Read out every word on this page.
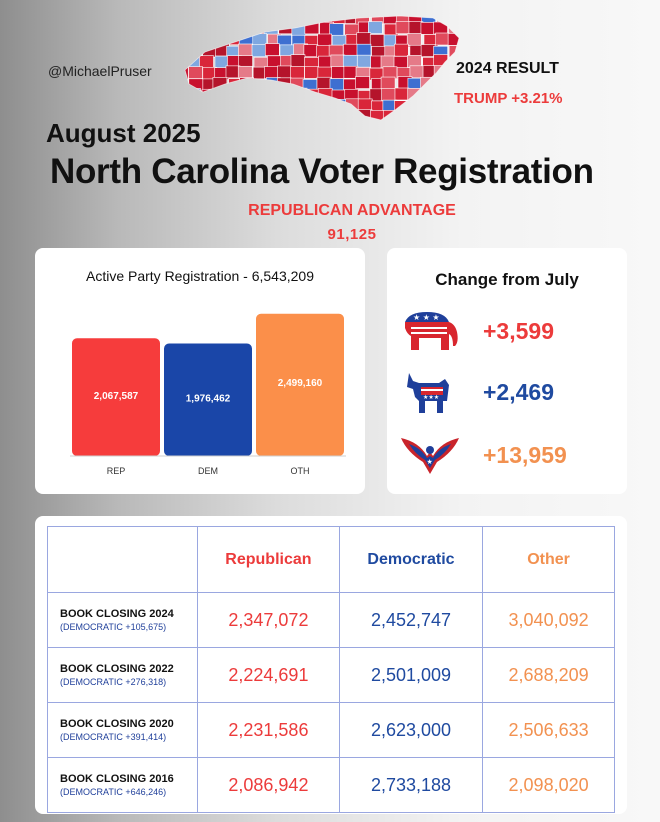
@MichaelPruser	2024 RESULT
TRUMP +3.21%
August 2025
North Carolina Voter Registration
REPUBLICAN ADVANTAGE
91,125
Active Party Registration - 6,543,209
2,067,587
REP
1,976,462
DEM
2,499,160
OTH
Change from July
★ ★ ★
+3,599
★★★ +2,469
★ +13,959
	Republican	Democratic	Other

BOOK CLOSING 2024
(DEMOCRATIC +105,675)	2,347,072	2,452,747	3,040,092

BOOK CLOSING 2022
(DEMOCRATIC +276,318)	2,224,691	2,501,009	2,688,209

BOOK CLOSING 2020
(DEMOCRATIC +391,414)	2,231,586	2,623,000	2,506,633

BOOK CLOSING 2016
(DEMOCRATIC +646,246)	2,086,942	2,733,188	2,098,020
